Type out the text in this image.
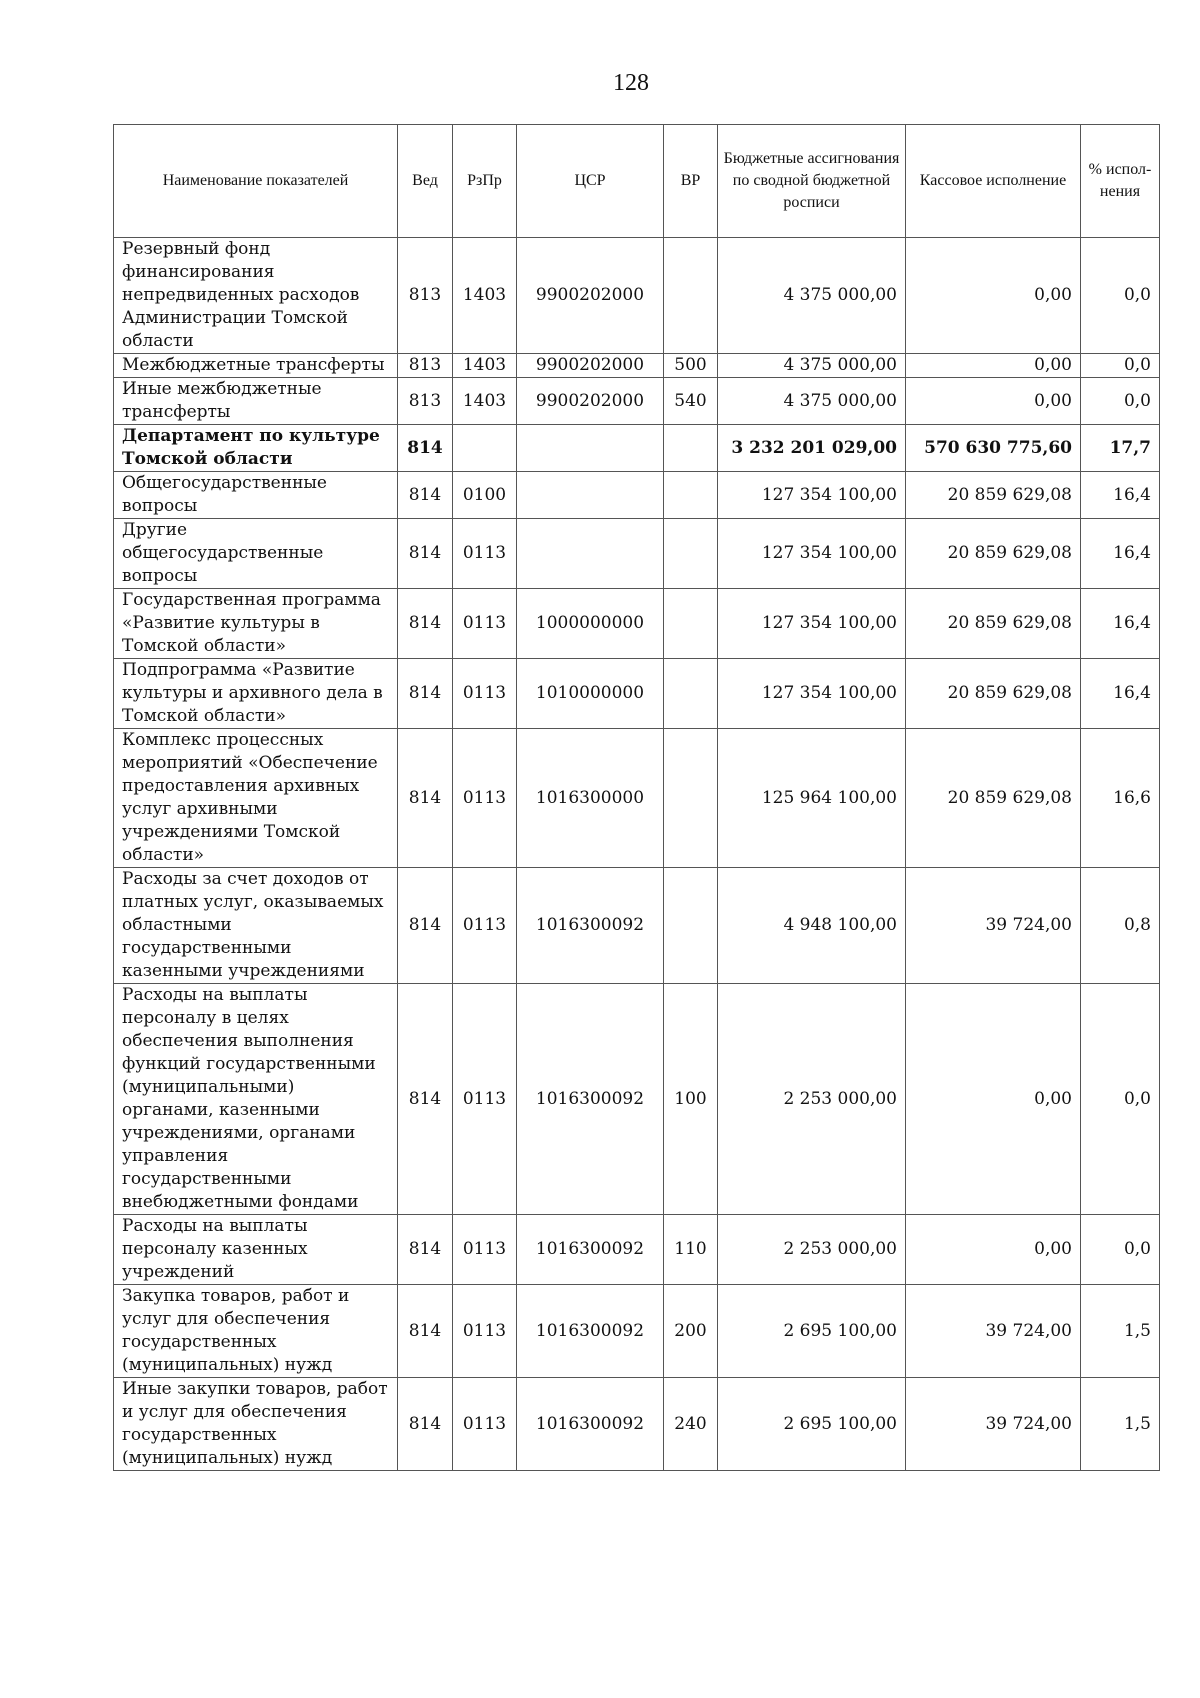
128
Наименование показателей	Вед	РзПр	ЦСР	ВР	Бюджетные ассигнования по сводной бюджетной росписи	Кассовое исполнение	% испол-нения
Резервный фонд финансирования непредвиденных расходов Администрации Томской области	813	1403	9900202000		4 375 000,00	0,00	0,0
Межбюджетные трансферты	813	1403	9900202000	500	4 375 000,00	0,00	0,0
Иные межбюджетные трансферты	813	1403	9900202000	540	4 375 000,00	0,00	0,0
Департамент по культуре Томской области	814				3 232 201 029,00	570 630 775,60	17,7
Общегосударственные вопросы	814	0100			127 354 100,00	20 859 629,08	16,4
Другие общегосударственные вопросы	814	0113			127 354 100,00	20 859 629,08	16,4
Государственная программа «Развитие культуры в Томской области»	814	0113	1000000000		127 354 100,00	20 859 629,08	16,4
Подпрограмма «Развитие культуры и архивного дела в Томской области»	814	0113	1010000000		127 354 100,00	20 859 629,08	16,4
Комплекс процессных мероприятий «Обеспечение предоставления архивных услуг архивными учреждениями Томской области»	814	0113	1016300000		125 964 100,00	20 859 629,08	16,6
Расходы за счет доходов от платных услуг, оказываемых областными государственными казенными учреждениями	814	0113	1016300092		4 948 100,00	39 724,00	0,8
Расходы на выплаты персоналу в целях обеспечения выполнения функций государственными (муниципальными) органами, казенными учреждениями, органами управления государственными внебюджетными фондами	814	0113	1016300092	100	2 253 000,00	0,00	0,0
Расходы на выплаты персоналу казенных учреждений	814	0113	1016300092	110	2 253 000,00	0,00	0,0
Закупка товаров, работ и услуг для обеспечения государственных (муниципальных) нужд	814	0113	1016300092	200	2 695 100,00	39 724,00	1,5
Иные закупки товаров, работ и услуг для обеспечения государственных (муниципальных) нужд	814	0113	1016300092	240	2 695 100,00	39 724,00	1,5
